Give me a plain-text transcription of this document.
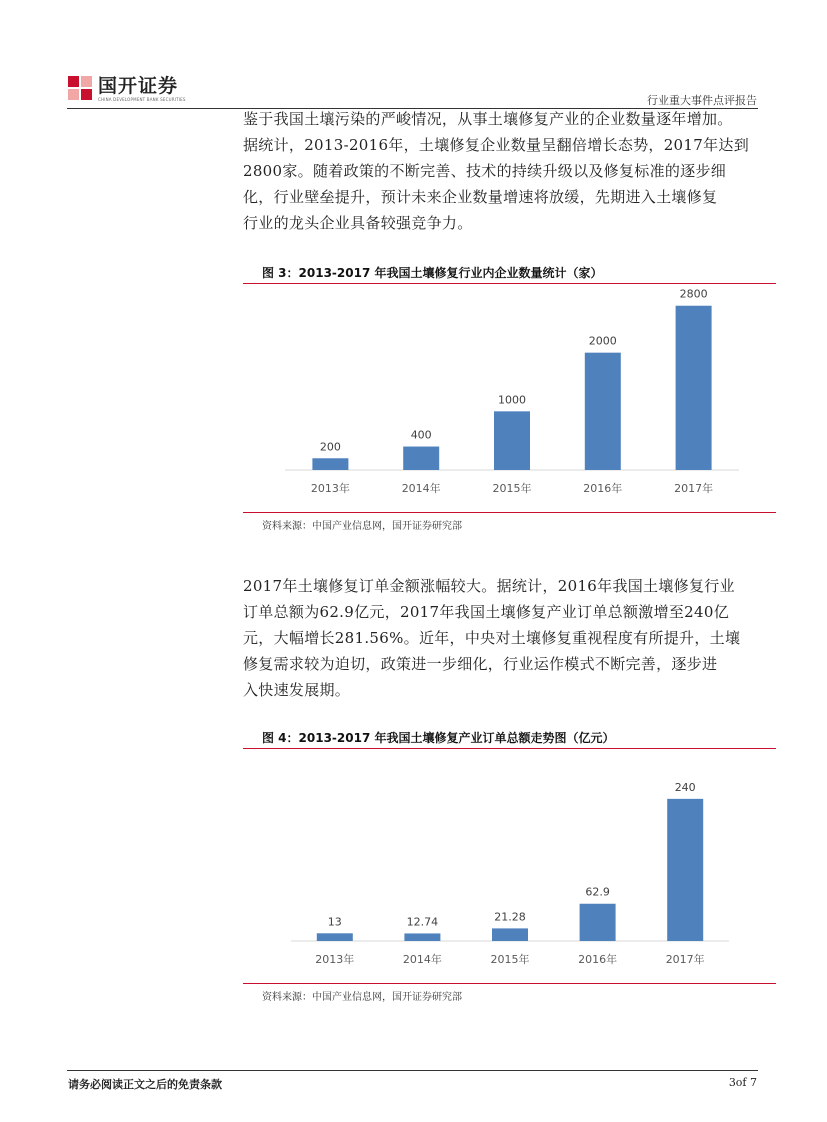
国开证券
CHINA DEVELOPMENT BANK SECURITIES	行业重大事件点评报告
鉴于我国土壤污染的严峻情况，从事土壤修复产业的企业数量逐年增加。
据统计，2013-2016年，土壤修复企业数量呈翻倍增长态势，2017年达到
2800家。随着政策的不断完善、技术的持续升级以及修复标准的逐步细
化，行业壁垒提升，预计未来企业数量增速将放缓，先期进入土壤修复
行业的龙头企业具备较强竞争力。
图 3：2013-2017 年我国土壤修复行业内企业数量统计（家）
200
2013年
400
2014年
1000
2015年
2000
2016年
2800
2017年
资料来源：中国产业信息网，国开证券研究部
2017年土壤修复订单金额涨幅较大。据统计，2016年我国土壤修复行业
订单总额为62.9亿元，2017年我国土壤修复产业订单总额激增至240亿
元，大幅增长281.56%。近年，中央对土壤修复重视程度有所提升，土壤
修复需求较为迫切，政策进一步细化，行业运作模式不断完善，逐步进
入快速发展期。
图 4：2013-2017 年我国土壤修复产业订单总额走势图（亿元）
13
2013年
12.74
2014年
21.28
2015年
62.9
2016年
240
2017年
资料来源：中国产业信息网，国开证券研究部
请务必阅读正文之后的免责条款	3of 7
